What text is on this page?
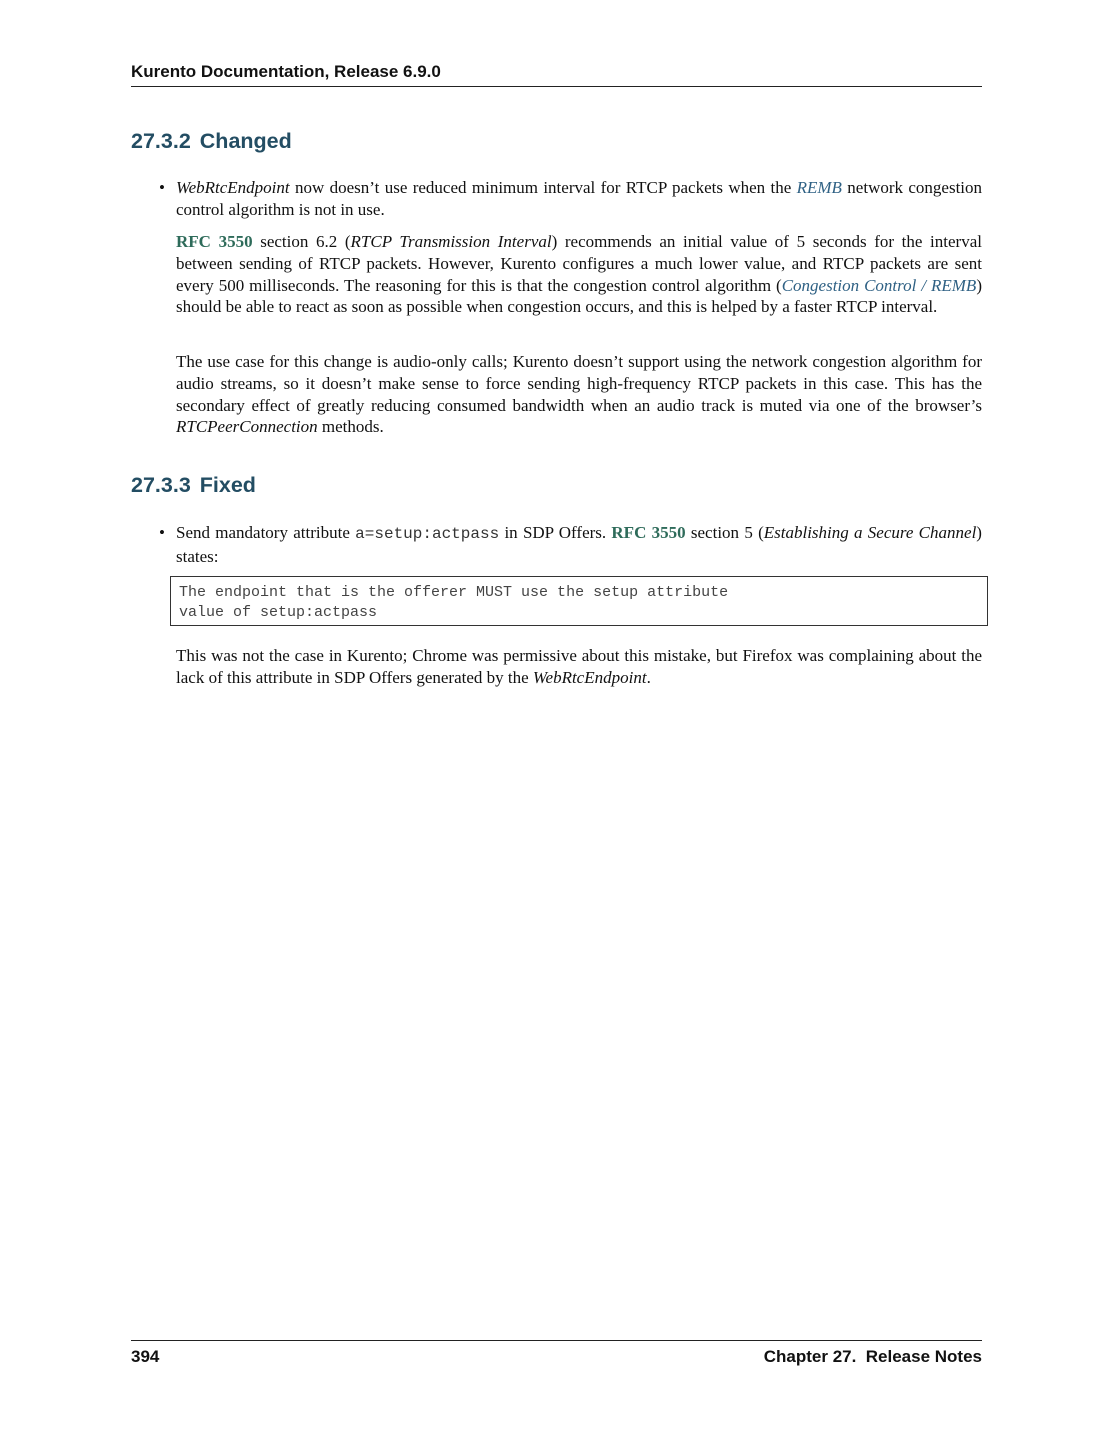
Kurento Documentation, Release 6.9.0
27.3.2 Changed
• WebRtcEndpoint now doesn’t use reduced minimum interval for RTCP packets when the REMB network congestion control algorithm is not in use.

RFC 3550 section 6.2 (RTCP Transmission Interval) recommends an initial value of 5 seconds for the interval between sending of RTCP packets. However, Kurento configures a much lower value, and RTCP packets are sent every 500 milliseconds. The reasoning for this is that the congestion control algorithm (Congestion Control / REMB) should be able to react as soon as possible when congestion occurs, and this is helped by a faster RTCP interval.

The use case for this change is audio-only calls; Kurento doesn’t support using the network congestion algorithm for audio streams, so it doesn’t make sense to force sending high-frequency RTCP packets in this case. This has the secondary effect of greatly reducing consumed bandwidth when an audio track is muted via one of the browser’s RTCPeerConnection methods.

27.3.3 Fixed
• Send mandatory attribute a=setup:actpass in SDP Offers. RFC 3550 section 5 (Establishing a Secure Channel) states:

The endpoint that is the offerer MUST use the setup attribute
value of setup:actpass

This was not the case in Kurento; Chrome was permissive about this mistake, but Firefox was complaining about the lack of this attribute in SDP Offers generated by the WebRtcEndpoint.

394	Chapter 27.  Release Notes
